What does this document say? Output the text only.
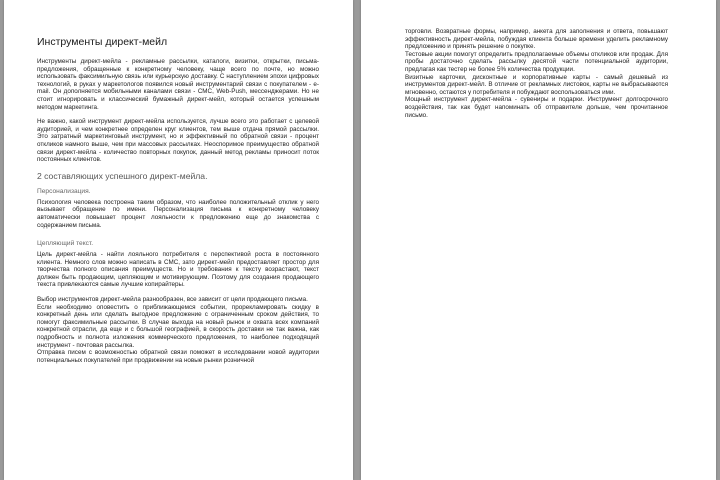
Инструменты директ-мейл

Инструменты директ-мейла - рекламные рассылки, каталоги, визитки, открытки, письма-предложения, обращенные к конкретному человеку, чаще всего по почте, но можно использовать факсимильную связь или курьерскую доставку. С наступлением эпохи цифровых технологий, в руках у маркетологов появился новый инструментарий связи с покупателем - e-mail. Он дополняется мобильными каналами связи - СМС, Web-Push, мессенджерами. Но не стоит игнорировать и классический бумажный директ-мейл, который остается успешным методом маркетинга.

Не важно, какой инструмент директ-мейла используется, лучше всего это работает с целевой аудиторией, и чем конкретнее определен круг клиентов, тем выше отдача прямой рассылки. Это затратный маркетинговый инструмент, но и эффективный по обратной связи - процент откликов намного выше, чем при массовых рассылках. Неоспоримое преимущество обратной связи директ-мейла - количество повторных покупок, данный метод рекламы приносит поток постоянных клиентов.

2 составляющих успешного директ-мейла.
Персонализация.

Психология человека построена таким образом, что наиболее положительный отклик у него вызывает обращение по имени. Персонализация письма к конкретному человеку автоматически повышает процент лояльности к предложению еще до знакомства с содержанием письма.

Цепляющий текст.

Цель директ-мейла - найти лояльного потребителя с перспективой роста в постоянного клиента. Немного слов можно написать в СМС, зато директ-мейл предоставляет простор для творчества полного описания преимуществ. Но и требования к тексту возрастают, текст должен быть продающим, цепляющим и мотивирующим. Поэтому для создания продающего текста привлекаются самые лучшие копирайтеры.

Выбор инструментов директ-мейла разнообразен, все зависит от цели продающего письма.

Если необходимо оповестить о приближающемся событии, прорекламировать скидку в конкретный день или сделать выгодное предложение с ограниченным сроком действия, то помогут факсимильные рассылки. В случае выхода на новый рынок и охвата всех компаний конкретной отрасли, да еще и с большой географией, в скорость доставки не так важна, как подробность и полнота изложения коммерческого предложения, то наиболее подходящий инструмент - почтовая рассылка.

Отправка писем с возможностью обратной связи поможет в исследовании новой аудитории потенциальных покупателей при продвижении на новые рынки розничной

торговли. Возвратные формы, например, анкета для заполнения и ответа, повышают эффективность директ-мейла, побуждая клиента больше времени уделить рекламному предложению и принять решение о покупке.

Тестовые акции помогут определить предполагаемые объемы откликов или продаж. Для пробы достаточно сделать рассылку десятой части потенциальной аудитории, предлагая как тестер не более 5% количества продукции.

Визитные карточки, дисконтные и корпоративные карты - самый дешевый из инструментов директ-мейл. В отличие от рекламных листовок, карты не выбрасываются мгновенно, остаются у потребителя и побуждают воспользоваться ими.

Мощный инструмент директ-мейла - сувениры и подарки. Инструмент долгосрочного воздействия, так как будет напоминать об отправителе дольше, чем прочитанное письмо.
